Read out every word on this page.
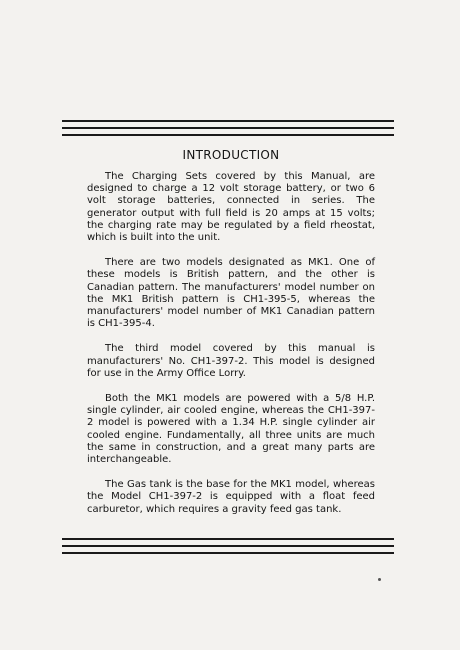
INTRODUCTION

The Charging Sets covered by this Manual, are designed to charge a 12 volt storage battery, or two 6 volt storage batteries, connected in series. The generator output with full field is 20 amps at 15 volts; the charging rate may be regulated by a field rheostat, which is built into the unit.

There are two models designated as MK1. One of these models is British pattern, and the other is Canadian pattern. The manufacturers' model number on the MK1 British pattern is CH1-395-5, whereas the manufacturers' model number of MK1 Canadian pattern is CH1-395-4.

The third model covered by this manual is manufacturers' No. CH1-397-2. This model is designed for use in the Army Office Lorry.

Both the MK1 models are powered with a 5/8 H.P. single cylinder, air cooled engine, whereas the CH1-397-2 model is powered with a 1.34 H.P. single cylinder air cooled engine. Fundamentally, all three units are much the same in construction, and a great many parts are interchangeable.

The Gas tank is the base for the MK1 model, whereas the Model CH1-397-2 is equipped with a float feed carburetor, which requires a gravity feed gas tank.
